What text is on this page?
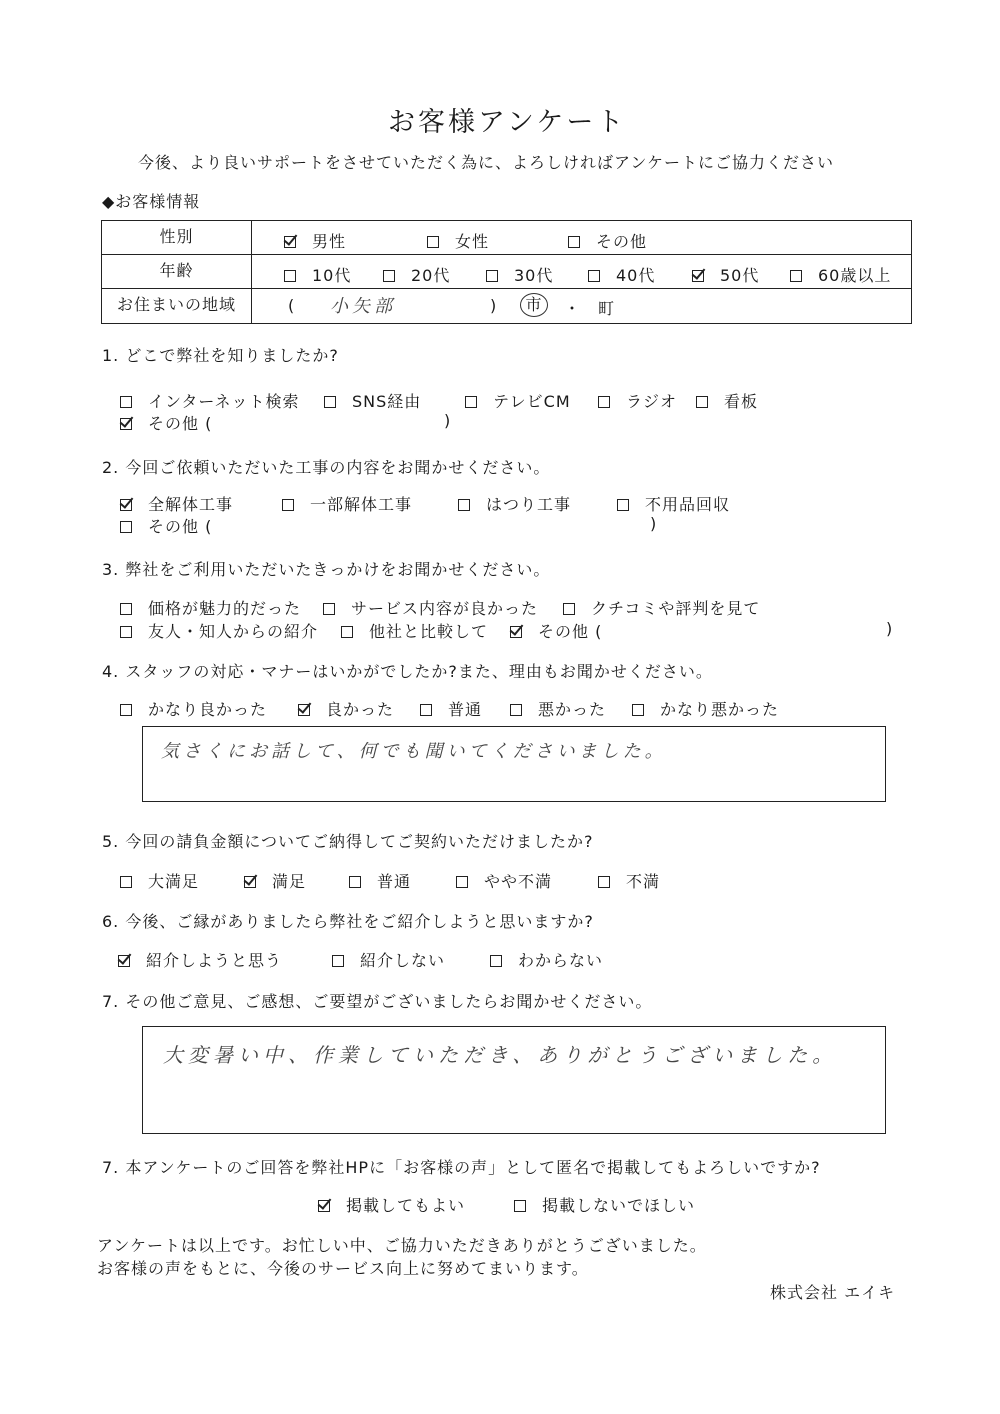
お客様アンケート
今後、より良いサポートをさせていただく為に、よろしければアンケートにご協力ください
◆お客様情報
性別	男性	女性	その他
年齢	10代	20代	30代	40代	50代	60歳以上
お住まいの地域	( 小矢部	)	市	・ 町
1. どこで弊社を知りましたか?
インターネット検索	SNS経由	テレビCM	ラジオ	看板
その他 (	)
2. 今回ご依頼いただいた工事の内容をお聞かせください。
全解体工事	一部解体工事	はつり工事	不用品回収
その他 (	)
3. 弊社をご利用いただいたきっかけをお聞かせください。
価格が魅力的だった	サービス内容が良かった	クチコミや評判を見て
友人・知人からの紹介	他社と比較して	その他 (	)
4. スタッフの対応・マナーはいかがでしたか?また、理由もお聞かせください。
かなり良かった	良かった	普通	悪かった	かなり悪かった
気さくにお話して、何でも聞いてくださいました。
5. 今回の請負金額についてご納得してご契約いただけましたか?
大満足	満足	普通	やや不満	不満
6. 今後、ご縁がありましたら弊社をご紹介しようと思いますか?
紹介しようと思う	紹介しない	わからない
7. その他ご意見、ご感想、ご要望がございましたらお聞かせください。
大変暑い中、作業していただき、ありがとうございました。
7. 本アンケートのご回答を弊社HPに「お客様の声」として匿名で掲載してもよろしいですか?
掲載してもよい	掲載しないでほしい
アンケートは以上です。お忙しい中、ご協力いただきありがとうございました。
お客様の声をもとに、今後のサービス向上に努めてまいります。
株式会社 エイキ
